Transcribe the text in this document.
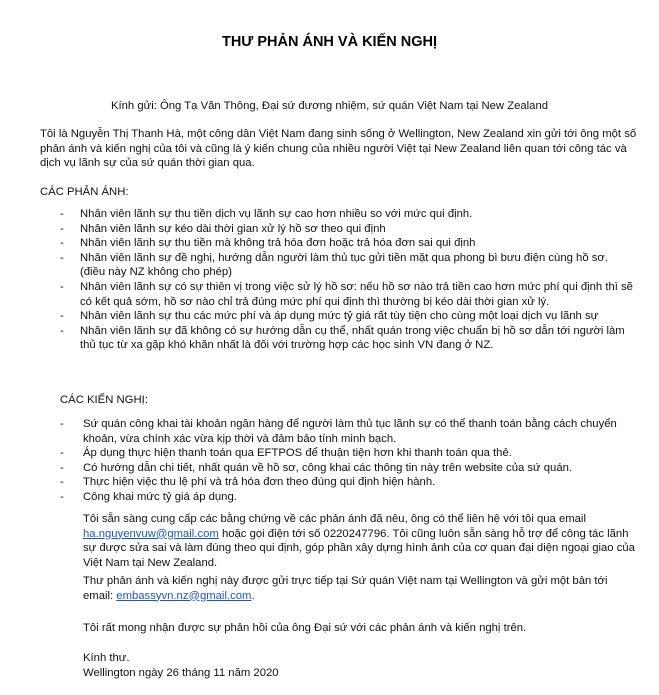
THƯ PHẢN ÁNH VÀ KIẾN NGHỊ
Kính gửi: Ông Tạ Văn Thông, Đại sứ đương nhiệm, sứ quán Việt Nam tại New Zealand
Tôi là Nguyễn Thị Thanh Hà, một công dân Việt Nam đang sinh sống ở Wellington, New Zealand xin gửi tới ông một số phản ánh và kiến nghị của tôi và cũng là ý kiến chung của nhiều người Việt tại New Zealand liên quan tới công tác và dịch vụ lãnh sự của sứ quán thời gian qua.
CÁC PHẢN ÁNH:
- Nhân viên lãnh sự thu tiền dịch vụ lãnh sự cao hơn nhiều so với mức qui định.
- Nhân viên lãnh sự kéo dài thời gian xử lý hồ sơ theo qui định
- Nhân viên lãnh sự thu tiền mà không trả hóa đơn hoặc trả hóa đơn sai qui định
- Nhân viên lãnh sự đề nghị, hướng dẫn người làm thủ tục gửi tiền mặt qua phong bì bưu điện cùng hồ sơ. (điều này NZ không cho phép)
- Nhân viên lãnh sự có sự thiên vị trong việc sử lý hồ sơ: nếu hồ sơ nào trả tiền cao hơn mức phí qui định thì sẽ có kết quả sớm, hồ sơ nào chỉ trả đúng mức phí qui định thì thường bị kéo dài thời gian xử lý.
- Nhân viên lãnh sự thu các mức phí và áp dụng mức tỷ giá rất tùy tiện cho cùng một loại dịch vụ lãnh sự
- Nhân viên lãnh sự đã không có sự hướng dẫn cụ thể, nhất quán trong việc chuẩn bị hồ sơ dẫn tới người làm thủ tục từ xa gặp khó khăn nhất là đối với trường hợp các học sinh VN đang ở NZ.
CÁC KIẾN NGHỊ:
- Sứ quán công khai tài khoản ngân hàng để người làm thủ tục lãnh sự có thể thanh toán bằng cách chuyển khoản, vừa chính xác vừa kịp thời và đảm bảo tính minh bạch.
- Áp dụng thực hiện thanh toán qua EFTPOS để thuận tiện hơn khi thanh toán qua thẻ.
- Có hướng dẫn chi tiết, nhất quán về hồ sơ, công khai các thông tin này trên website của sứ quán.
- Thực hiện việc thu lệ phí và trả hóa đơn theo đúng qui định hiện hành.
- Công khai mức tỷ giá áp dụng.
Tôi sẵn sàng cung cấp các bằng chứng về các phản ánh đã nêu, ông có thể liên hệ với tôi qua email ha.nguyenvuw@gmail.com hoặc gọi điện tới số 0220247796. Tôi cũng luôn sẵn sàng hỗ trợ để công tác lãnh sự được sửa sai và làm đúng theo qui định, góp phần xây dựng hình ảnh của cơ quan đại diện ngoại giao của Việt Nam tại New Zealand.
Thư phản ánh và kiến nghị này được gửi trực tiếp tại Sứ quán Việt nam tại Wellington và gửi một bản tới email: embassyvn.nz@gmail.com.
Tôi rất mong nhận được sự phản hồi của ông Đại sứ với các phản ánh và kiến nghị trên.
Kính thư.
Wellington ngày 26 tháng 11 năm 2020
